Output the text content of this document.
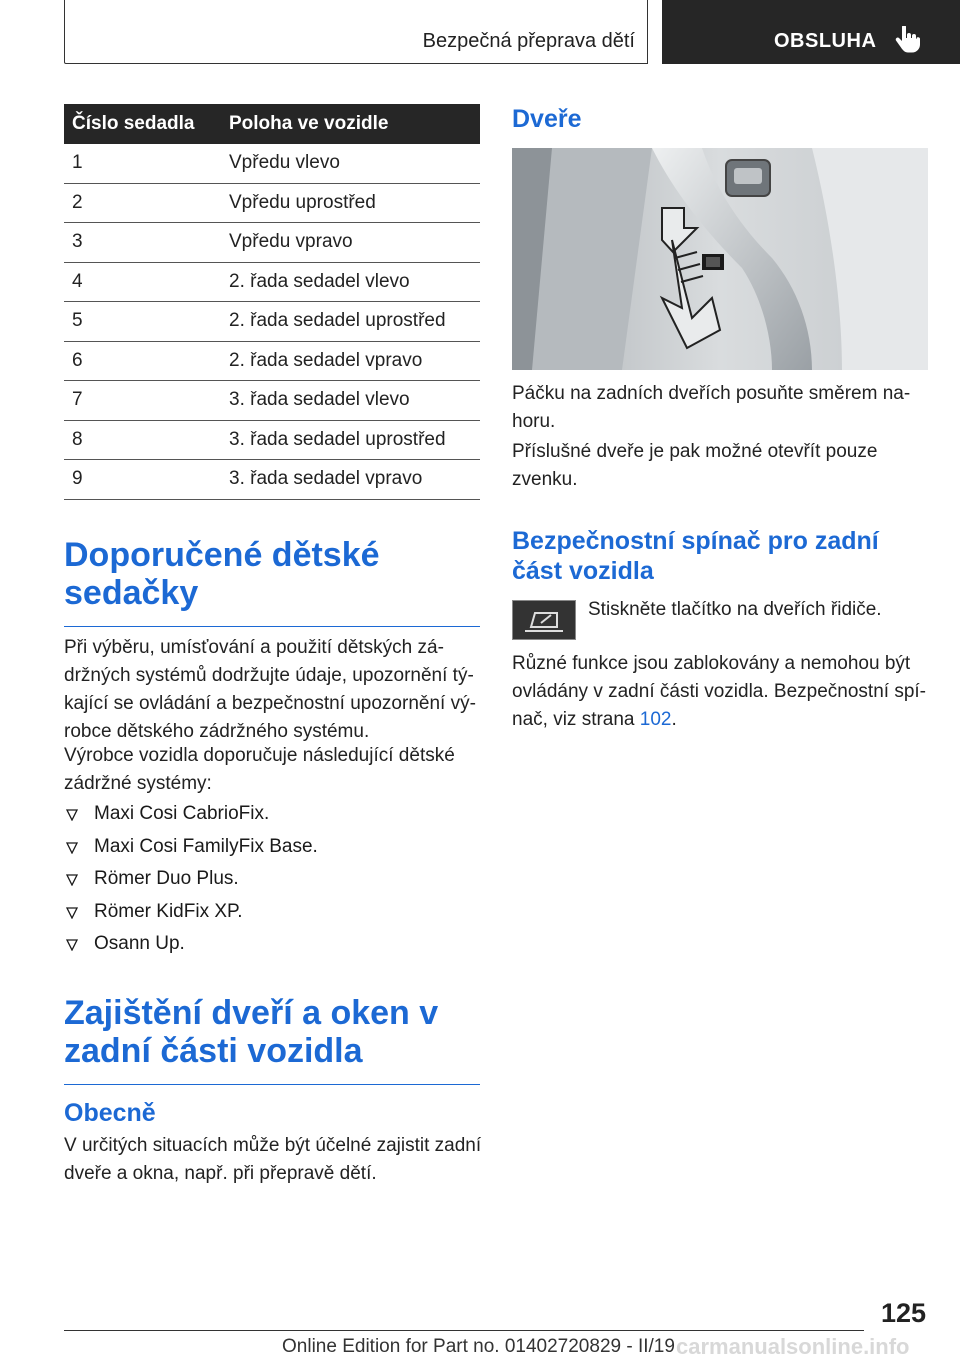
Bezpečná přeprava dětí	OBSLUHA
Číslo sedadla	Poloha ve vozidle
1	Vpředu vlevo
2	Vpředu uprostřed
3	Vpředu vpravo
4	2. řada sedadel vlevo
5	2. řada sedadel uprostřed
6	2. řada sedadel vpravo
7	3. řada sedadel vlevo
8	3. řada sedadel uprostřed
9	3. řada sedadel vpravo
Doporučené dětské sedačky

Při výběru, umísťování a použití dětských zá-držných systémů dodržujte údaje, upozornění tý-kající se ovládání a bezpečnostní upozornění vý-robce dětského zádržného systému.

Výrobce vozidla doporučuje následující dětské zádržné systémy:

Maxi Cosi CabrioFix.
Maxi Cosi FamilyFix Base.
Römer Duo Plus.
Römer KidFix XP.
Osann Up.
Zajištění dveří a oken v zadní části vozidla
Obecně

V určitých situacích může být účelné zajistit zadní dveře a okna, např. při přepravě dětí.

Dveře

Páčku na zadních dveřích posuňte směrem na-horu.

Příslušné dveře je pak možné otevřít pouze zvenku.

Bezpečnostní spínač pro zadní část vozidla

Stiskněte tlačítko na dveřích řidiče.

Různé funkce jsou zablokovány a nemohou být ovládány v zadní části vozidla. Bezpečnostní spí-nač, viz strana 102.

125
Online Edition for Part no. 01402720829 - II/19 carmanualsonline.info
